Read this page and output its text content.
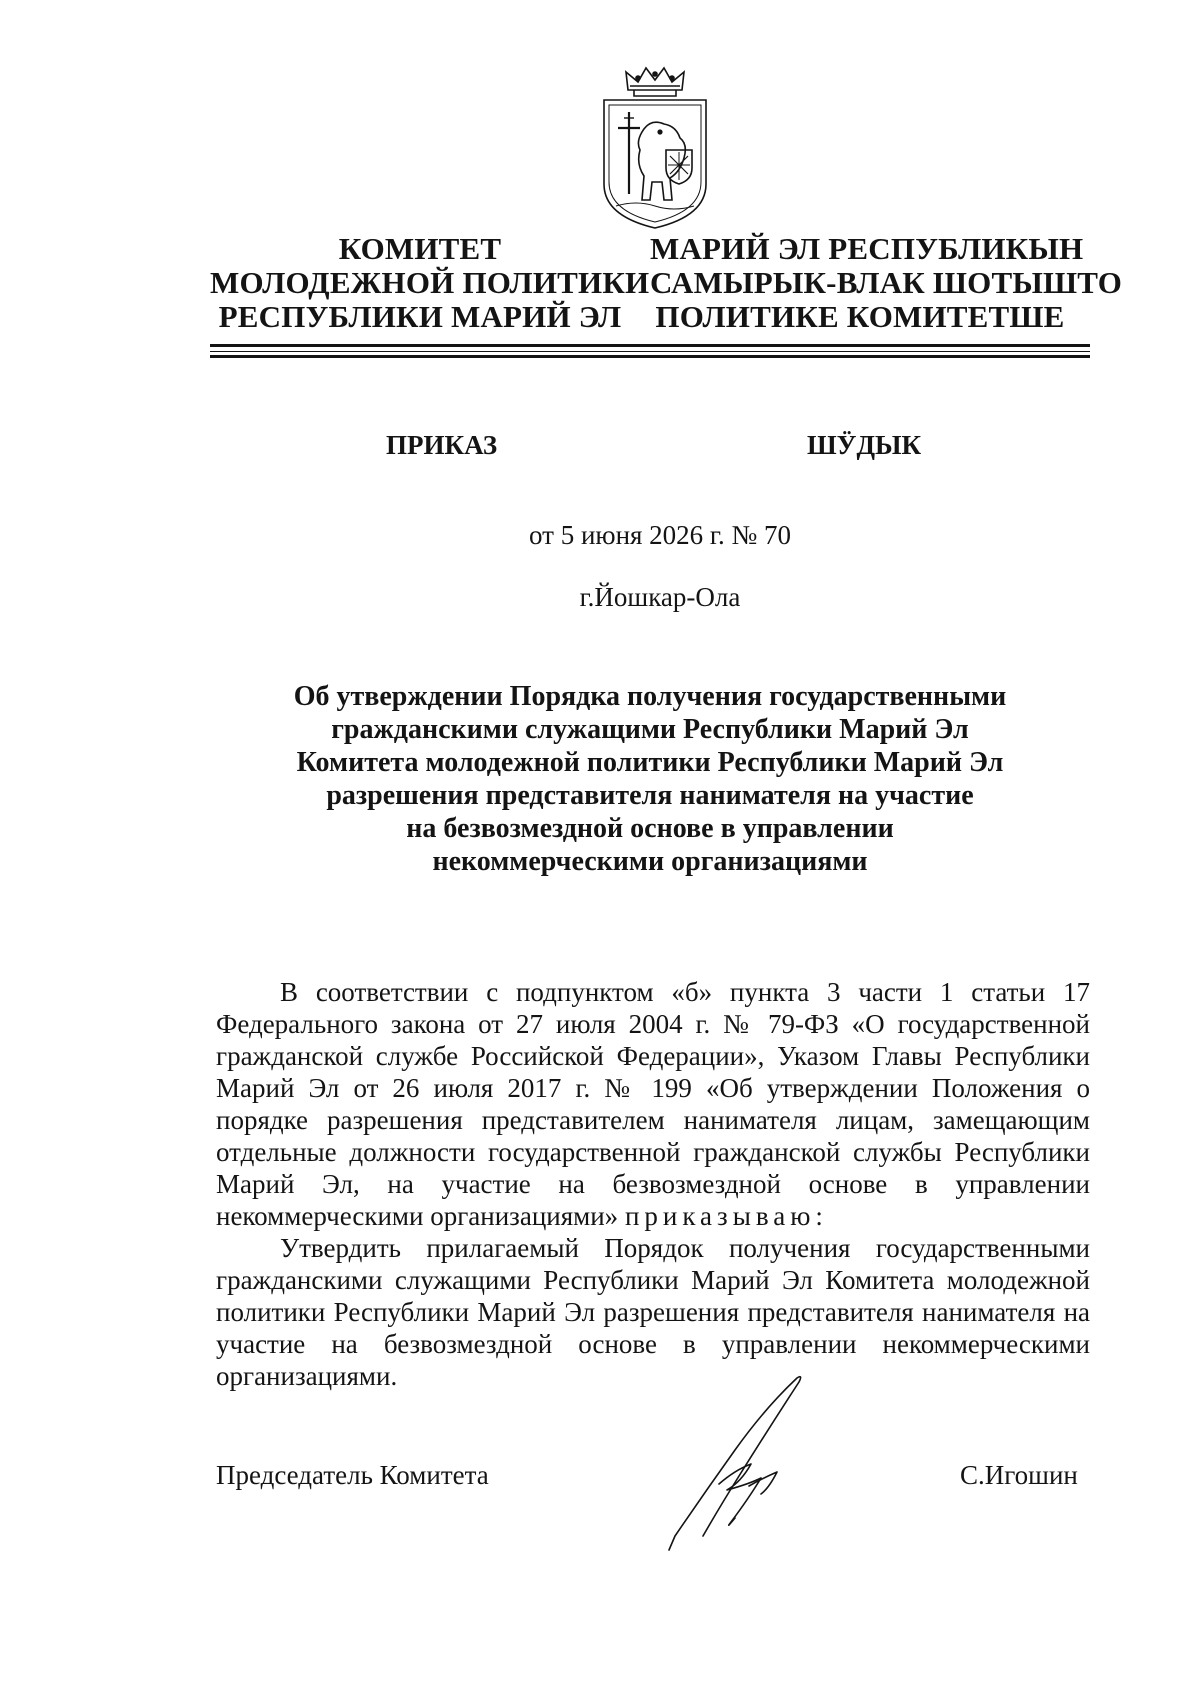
КОМИТЕТ
МОЛОДЕЖНОЙ ПОЛИТИКИ
РЕСПУБЛИКИ МАРИЙ ЭЛ
МАРИЙ ЭЛ РЕСПУБЛИКЫН
САМЫРЫК-ВЛАК ШОТЫШТО
ПОЛИТИКЕ КОМИТЕТШЕ
ПРИКАЗ	ШӰДЫК
от 5 июня 2026 г. № 70
г.Йошкар-Ола
Об утверждении Порядка получения государственными
гражданскими служащими Республики Марий Эл
Комитета молодежной политики Республики Марий Эл
разрешения представителя нанимателя на участие
на безвозмездной основе в управлении
некоммерческими организациями

В соответствии с подпунктом «б» пункта 3 части 1 статьи 17 Федерального закона от 27 июля 2004 г. № 79-ФЗ «О государственной гражданской службе Российской Федерации», Указом Главы Республики Марий Эл от 26 июля 2017 г. № 199 «Об утверждении Положения о порядке разрешения представителем нанимателя лицам, замещающим отдельные должности государственной гражданской службы Республики Марий Эл, на участие на безвозмездной основе в управлении некоммерческими организациями» приказываю:

Утвердить прилагаемый Порядок получения государственными гражданскими служащими Республики Марий Эл Комитета молодежной политики Республики Марий Эл разрешения представителя нанимателя на участие на безвозмездной основе в управлении некоммерческими организациями.

Председатель Комитета	С.Игошин
